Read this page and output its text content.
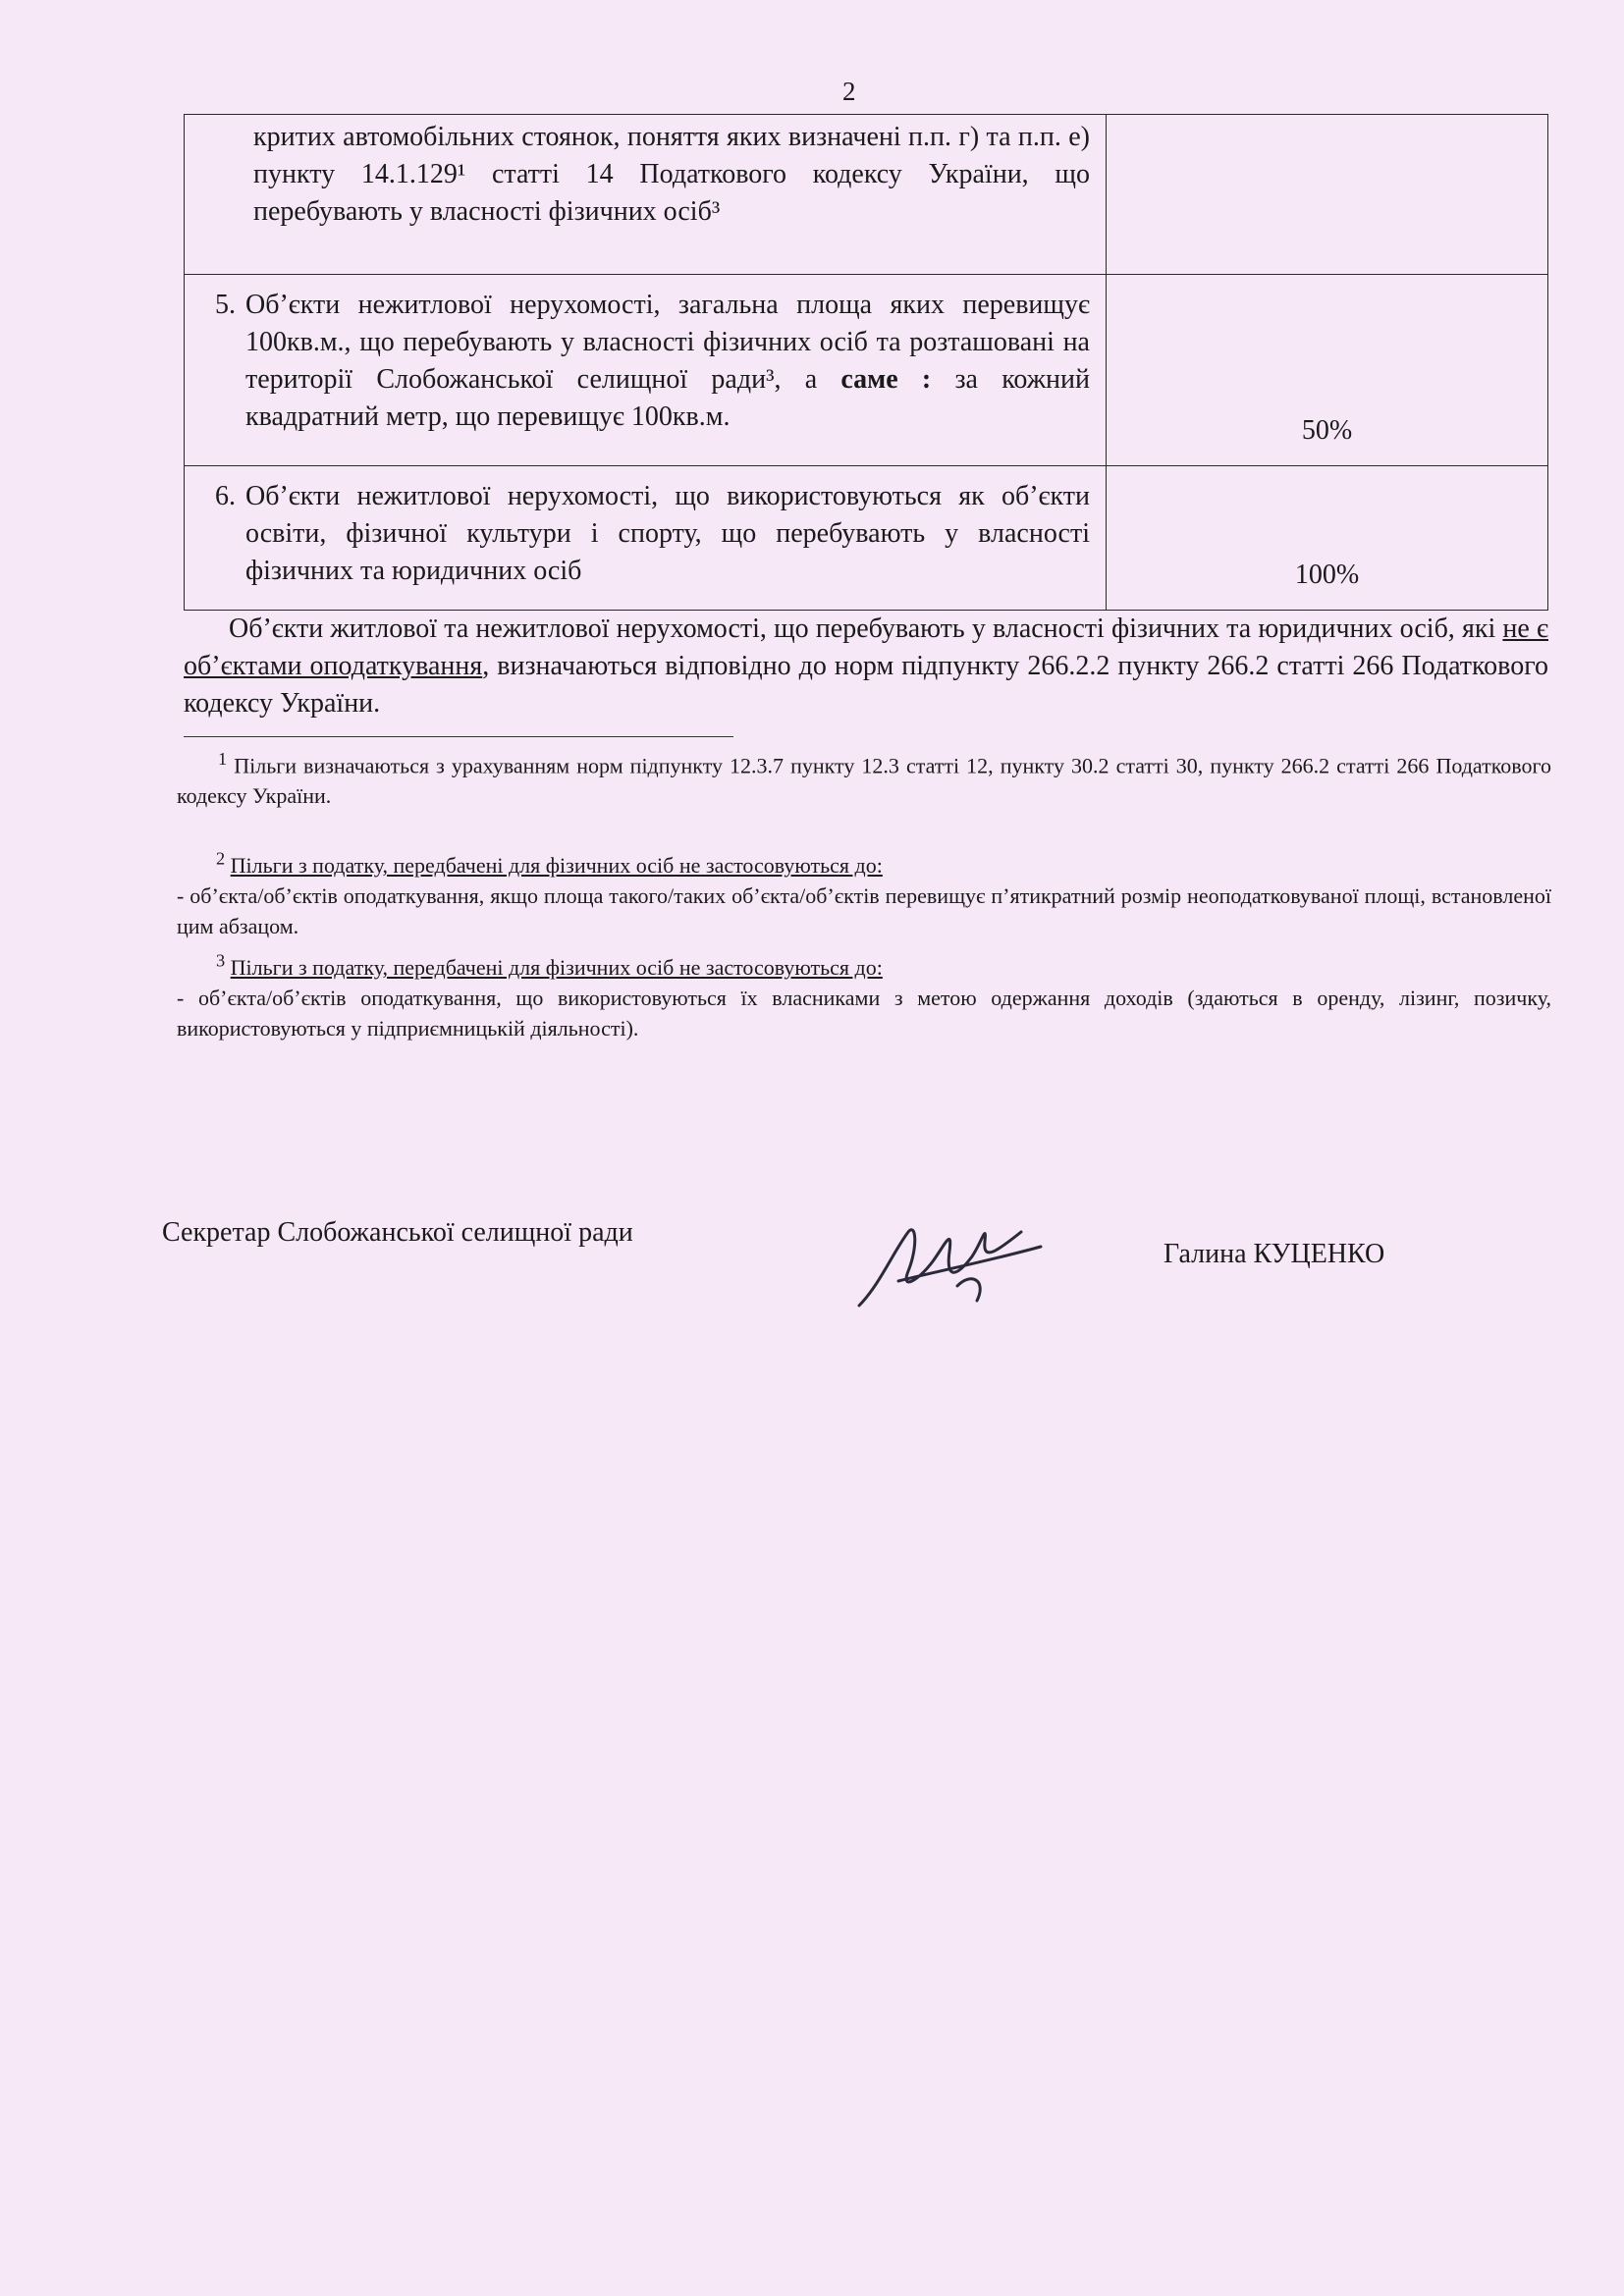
2
критих автомобільних стоянок, поняття яких визначені п.п. г) та п.п. е) пункту 14.1.129¹ статті 14 Податкового кодексу України, що перебувають у власності фізичних осіб³		
5.	Об’єкти нежитлової нерухомості, загальна площа яких перевищує 100кв.м., що перебувають у власності фізичних осіб та розташовані на території Слобожанської селищної ради³, а саме : за кожний квадратний метр, що перевищує 100кв.м.	50%
6.	Об’єкти нежитлової нерухомості, що використовуються як об’єкти освіти, фізичної культури і спорту, що перебувають у власності фізичних та юридичних осіб	100%

Об’єкти житлової та нежитлової нерухомості, що перебувають у власності фізичних та юридичних осіб, які не є об’єктами оподаткування, визначаються відповідно до норм підпункту 266.2.2 пункту 266.2 статті 266 Податкового кодексу України.

$^1$ Пільги визначаються з урахуванням норм підпункту 12.3.7 пункту 12.3 статті 12, пункту 30.2 статті 30, пункту 266.2 статті 266 Податкового кодексу України.

$^2$ Пільги з податку, передбачені для фізичних осіб не застосовуються до:
- об’єкта/об’єктів оподаткування, якщо площа такого/таких об’єкта/об’єктів перевищує п’ятикратний розмір неоподатковуваної площі, встановленої цим абзацом.

$^3$ Пільги з податку, передбачені для фізичних осіб не застосовуються до:
- об’єкта/об’єктів оподаткування, що використовуються їх власниками з метою одержання доходів (здаються в оренду, лізинг, позичку, використовуються у підприємницькій діяльності).

Секретар Слобожанської селищної ради
Галина КУЦЕНКО
